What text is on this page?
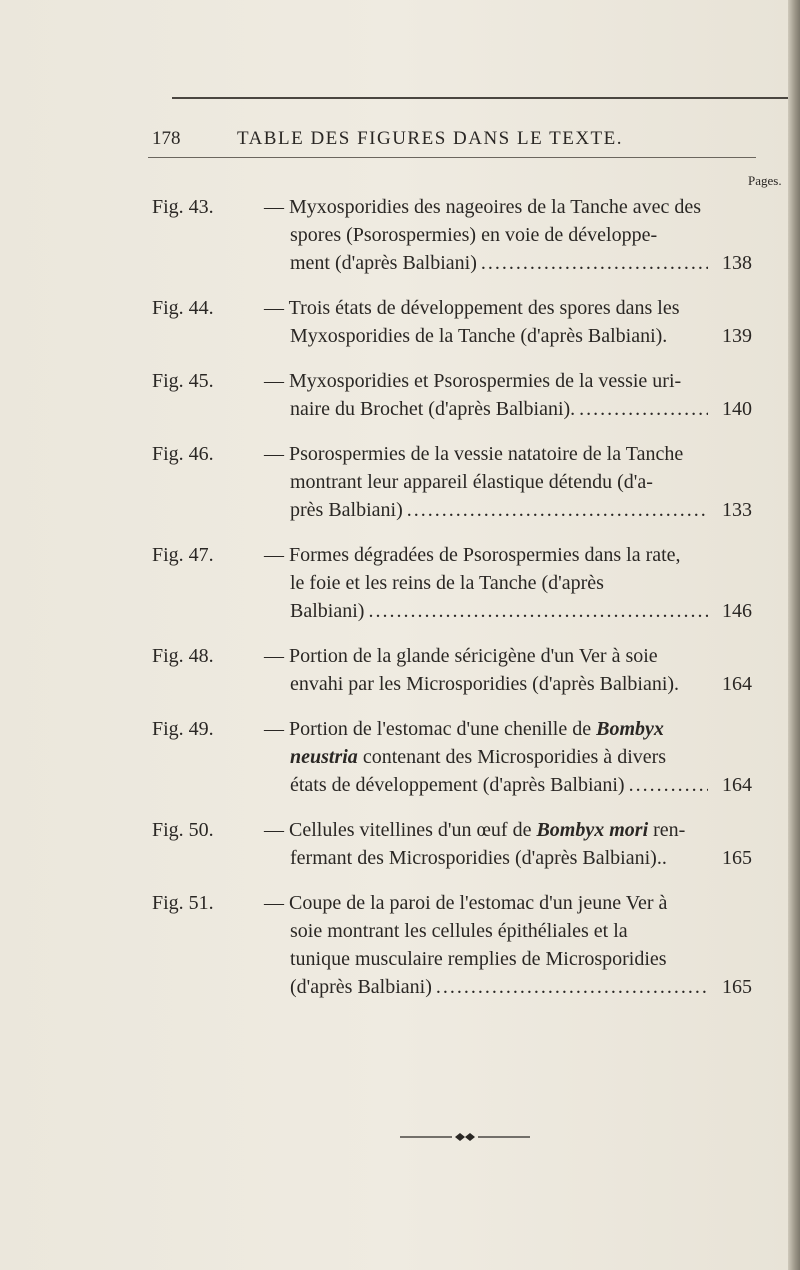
178	TABLE DES FIGURES DANS LE TEXTE.
Pages.
Fig. 43.	— Myxosporidies des nageoires de la Tanche avec des
spores (Psorospermies) en voie de développe-
ment (d'après Balbiani) .....	138
Fig. 44.	— Trois états de développement des spores dans les
Myxosporidies de la Tanche (d'après Balbiani).	139
Fig. 45.	— Myxosporidies et Psorospermies de la vessie uri-
naire du Brochet (d'après Balbiani). .....	140
Fig. 46.	— Psorospermies de la vessie natatoire de la Tanche
montrant leur appareil élastique détendu (d'a-
près Balbiani) .....	133
Fig. 47.	— Formes dégradées de Psorospermies dans la rate,
le foie et les reins de la Tanche (d'après
Balbiani) .....	146
Fig. 48.	— Portion de la glande séricigène d'un Ver à soie
envahi par les Microsporidies (d'après Balbiani).	164
Fig. 49.	— Portion de l'estomac d'une chenille de Bombyx
neustria contenant des Microsporidies à divers
états de développement (d'après Balbiani) .....	164
Fig. 50.	— Cellules vitellines d'un œuf de Bombyx mori ren-
fermant des Microsporidies (d'après Balbiani)..	165
Fig. 51.	— Coupe de la paroi de l'estomac d'un jeune Ver à
soie montrant les cellules épithéliales et la
tunique musculaire remplies de Microsporidies
(d'après Balbiani) .....	165
